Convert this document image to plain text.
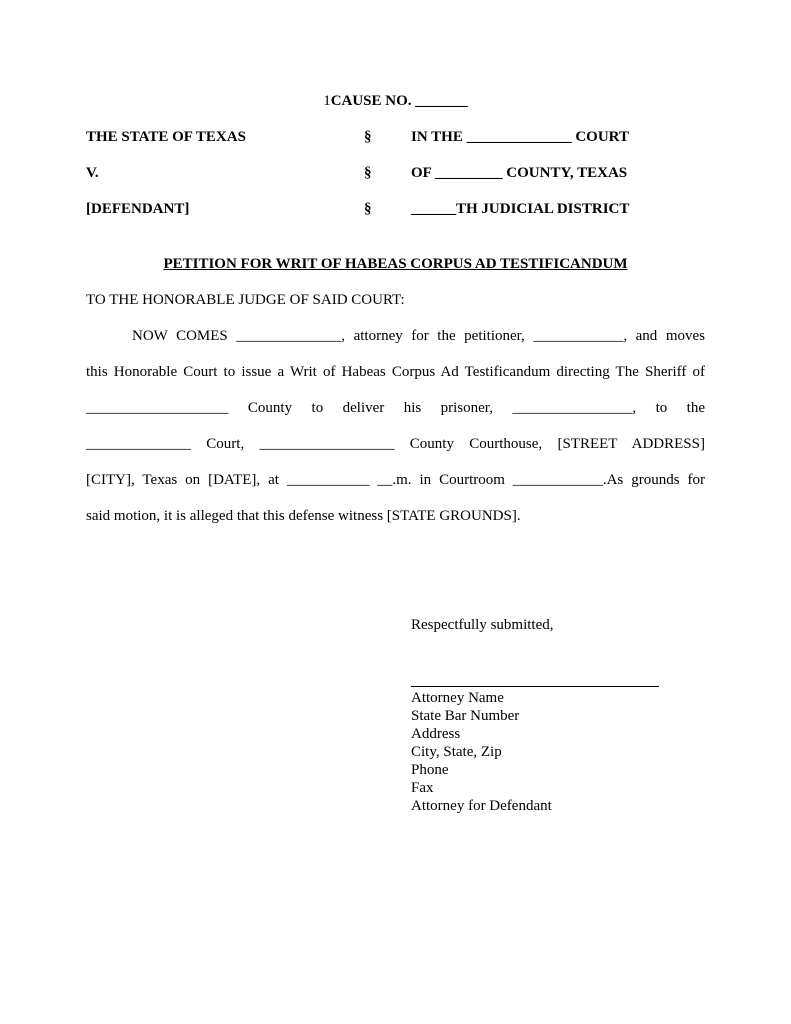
1CAUSE NO. _______
THE STATE OF TEXAS	§	IN THE ______________ COURT
V.	§	OF _________ COUNTY, TEXAS
[DEFENDANT]	§	______TH JUDICIAL DISTRICT
PETITION FOR WRIT OF HABEAS CORPUS AD TESTIFICANDUM
TO THE HONORABLE JUDGE OF SAID COURT:
NOW COMES ______________, attorney for the petitioner, ____________, and moves
this Honorable Court to issue a Writ of Habeas Corpus Ad Testificandum directing The Sheriff of
___________________ County to deliver his prisoner, ________________, to the
______________ Court, __________________ County Courthouse, [STREET ADDRESS]
[CITY], Texas on [DATE], at ___________ __.m. in Courtroom ____________.As grounds for
said motion, it is alleged that this defense witness [STATE GROUNDS].
Respectfully submitted,
Attorney Name
State Bar Number
Address
City, State, Zip
Phone
Fax
Attorney for Defendant
